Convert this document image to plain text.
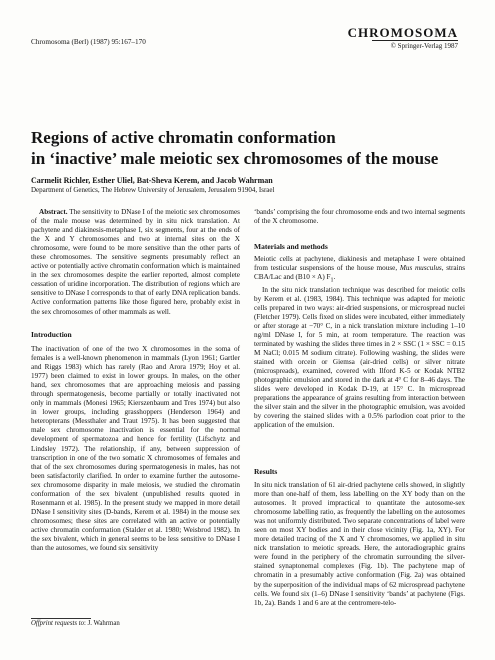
Chromosoma (Berl) (1987) 95:167–170
CHROMOSOMA
© Springer-Verlag 1987
Regions of active chromatin conformation
in ‘inactive’ male meiotic sex chromosomes of the mouse
Carmelit Richler, Esther Uliel, Bat-Sheva Kerem, and Jacob Wahrman
Department of Genetics, The Hebrew University of Jerusalem, Jerusalem 91904, Israel

Abstract. The sensitivity to DNase I of the meiotic sex chromosomes of the male mouse was determined by in situ nick translation. At pachytene and diakinesis-metaphase I, six segments, four at the ends of the X and Y chromosomes and two at internal sites on the X chromosome, were found to be more sensitive than the other parts of these chromosomes. The sensitive segments presumably reflect an active or potentially active chromatin conformation which is maintained in the sex chromosomes despite the earlier reported, almost complete cessation of uridine incorporation. The distribution of regions which are sensitive to DNase I corresponds to that of early DNA replication bands. Active conformation patterns like those figured here, probably exist in the sex chromosomes of other mammals as well.

Introduction

The inactivation of one of the two X chromosomes in the soma of females is a well-known phenomenon in mammals (Lyon 1961; Gartler and Riggs 1983) which has rarely (Rao and Arora 1979; Hoy et al. 1977) been claimed to exist in lower groups. In males, on the other hand, sex chromosomes that are approaching meiosis and passing through spermatogenesis, become partially or totally inactivated not only in mammals (Monesi 1965; Kierszenbaum and Tres 1974) but also in lower groups, including grasshoppers (Henderson 1964) and heteropterans (Messthaler and Traut 1975). It has been suggested that male sex chromosome inactivation is essential for the normal development of spermatozoa and hence for fertility (Lifschytz and Lindsley 1972). The relationship, if any, between suppression of transcription in one of the two somatic X chromosomes of females and that of the sex chromosomes during spermatogenesis in males, has not been satisfactorily clarified. In order to examine further the autosome-sex chromosome disparity in male meiosis, we studied the chromatin conformation of the sex bivalent (unpublished results quoted in Rosenmann et al. 1985). In the present study we mapped in more detail DNase I sensitivity sites (D-bands, Kerem et al. 1984) in the mouse sex chromosomes; these sites are correlated with an active or potentially active chromatin conformation (Stalder et al. 1980; Weisbrod 1982). In the sex bivalent, which in general seems to be less sensitive to DNase I than the autosomes, we found six sensitivity

Offprint requests to: J. Wahrman

‘bands’ comprising the four chromosome ends and two internal segments of the X chromosome.

Materials and methods

Meiotic cells at pachytene, diakinesis and metaphase I were obtained from testicular suspensions of the house mouse, Mus musculus, strains CBA/Lac and (B10 × A) $F_1$.

In the situ nick translation technique was described for meiotic cells by Kerem et al. (1983, 1984). This technique was adapted for meiotic cells prepared in two ways: air-dried suspensions, or microspread nuclei (Fletcher 1979). Cells fixed on slides were incubated, either immediately or after storage at −70° C, in a nick translation mixture including 1–10 ng/ml DNase I, for 5 min, at room temperature. The reaction was terminated by washing the slides three times in 2 × SSC (1 × SSC = 0.15 M NaCl; 0.015 M sodium citrate). Following washing, the slides were stained with orcein or Giemsa (air-dried cells) or silver nitrate (microspreads), examined, covered with Ilford K-5 or Kodak NTB2 photographic emulsion and stored in the dark at 4° C for 8–46 days. The slides were developed in Kodak D-19, at 15° C. In microspread preparations the appearance of grains resulting from interaction between the silver stain and the silver in the photographic emulsion, was avoided by covering the stained slides with a 0.5% parlodion coat prior to the application of the emulsion.

Results

In situ nick translation of 61 air-dried pachytene cells showed, in slightly more than one-half of them, less labelling on the XY body than on the autosomes. It proved impractical to quantitate the autosome-sex chromosome labelling ratio, as frequently the labelling on the autosomes was not uniformly distributed. Two separate concentrations of label were seen on most XY bodies and in their close vicinity (Fig. 1a, XY). For more detailed tracing of the X and Y chromosomes, we applied in situ nick translation to meiotic spreads. Here, the autoradiographic grains were found in the periphery of the chromatin surrounding the silver-stained synaptonemal complexes (Fig. 1b). The pachytene map of chromatin in a presumably active conformation (Fig. 2a) was obtained by the superposition of the individual maps of 62 microspread pachytene cells. We found six (1–6) DNase I sensitivity ‘bands’ at pachytene (Figs. 1b, 2a). Bands 1 and 6 are at the centromere-telo-
